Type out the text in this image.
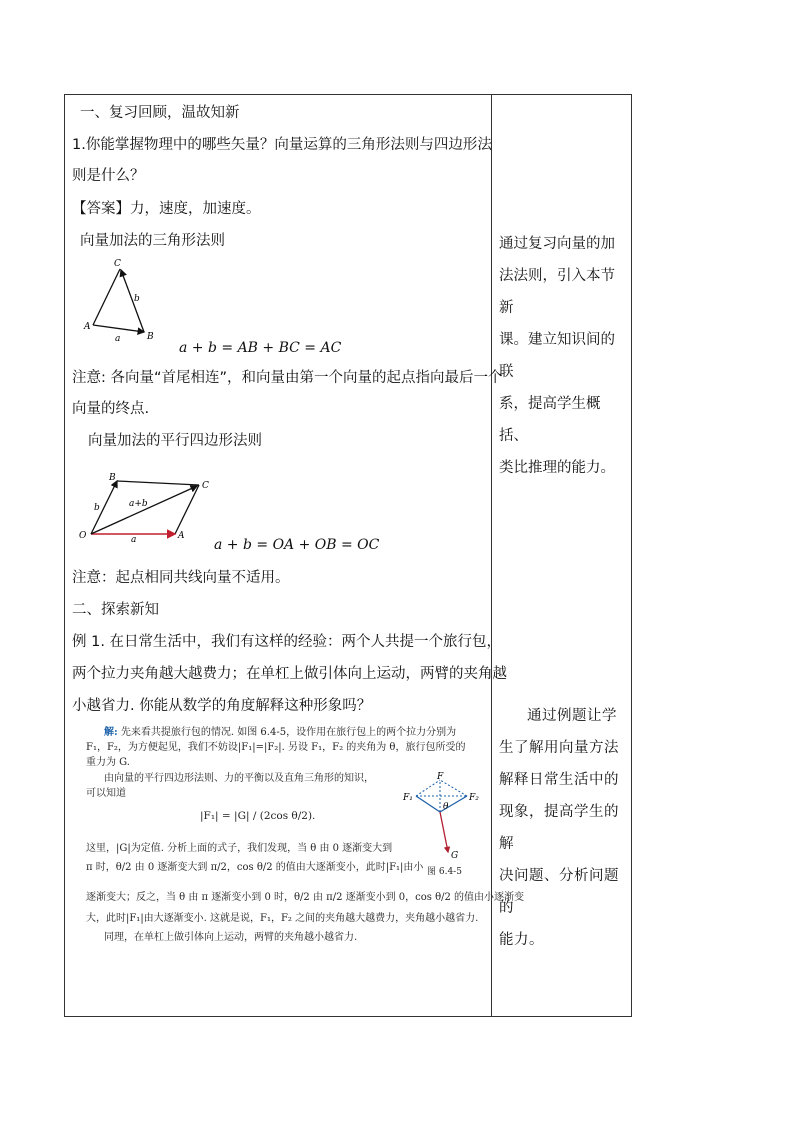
一、复习回顾，温故知新
1.你能掌握物理中的哪些矢量？向量运算的三角形法则与四边形法
则是什么？
【答案】力，速度，加速度。
向量加法的三角形法则
C
A
B
b
a
a + b = AB + BC = AC
注意: 各向量“首尾相连”，和向量由第一个向量的起点指向最后一个
向量的终点.
向量加法的平行四边形法则
B
C
O	A
b	a+b
a	a + b = OA + OB = OC
注意：起点相同共线向量不适用。
二、探索新知
例 1. 在日常生活中，我们有这样的经验：两个人共提一个旅行包，
两个拉力夹角越大越费力；在单杠上做引体向上运动，两臂的夹角越
小越省力. 你能从数学的角度解释这种形象吗？
解: 先来看共提旅行包的情况. 如图 6.4-5，设作用在旅行包上的两个拉力分别为
F₁，F₂，为方便起见，我们不妨设|F₁|=|F₂|. 另设 F₁，F₂ 的夹角为 θ，旅行包所受的
重力为 G.
由向量的平行四边形法则、力的平衡以及直角三角形的知识，
可以知道
|F₁| = |G| / (2cos θ/2).
这里，|G|为定值. 分析上面的式子，我们发现，当 θ 由 0 逐渐变大到
π 时，θ/2 由 0 逐渐变大到 π/2，cos θ/2 的值由大逐渐变小，此时|F₁|由小
逐渐变大；反之，当 θ 由 π 逐渐变小到 0 时，θ/2 由 π/2 逐渐变小到 0，cos θ/2 的值由小逐渐变
大，此时|F₁|由大逐渐变小. 这就是说，F₁，F₂ 之间的夹角越大越费力，夹角越小越省力.
同理，在单杠上做引体向上运动，两臂的夹角越小越省力.
F
F₁	F₂
θ
G
图 6.4-5
通过复习向量的加
法法则，引入本节新
课。建立知识间的联
系，提高学生概括、
类比推理的能力。
通过例题让学
生了解用向量方法
解释日常生活中的
现象，提高学生的解
决问题、分析问题的
能力。
